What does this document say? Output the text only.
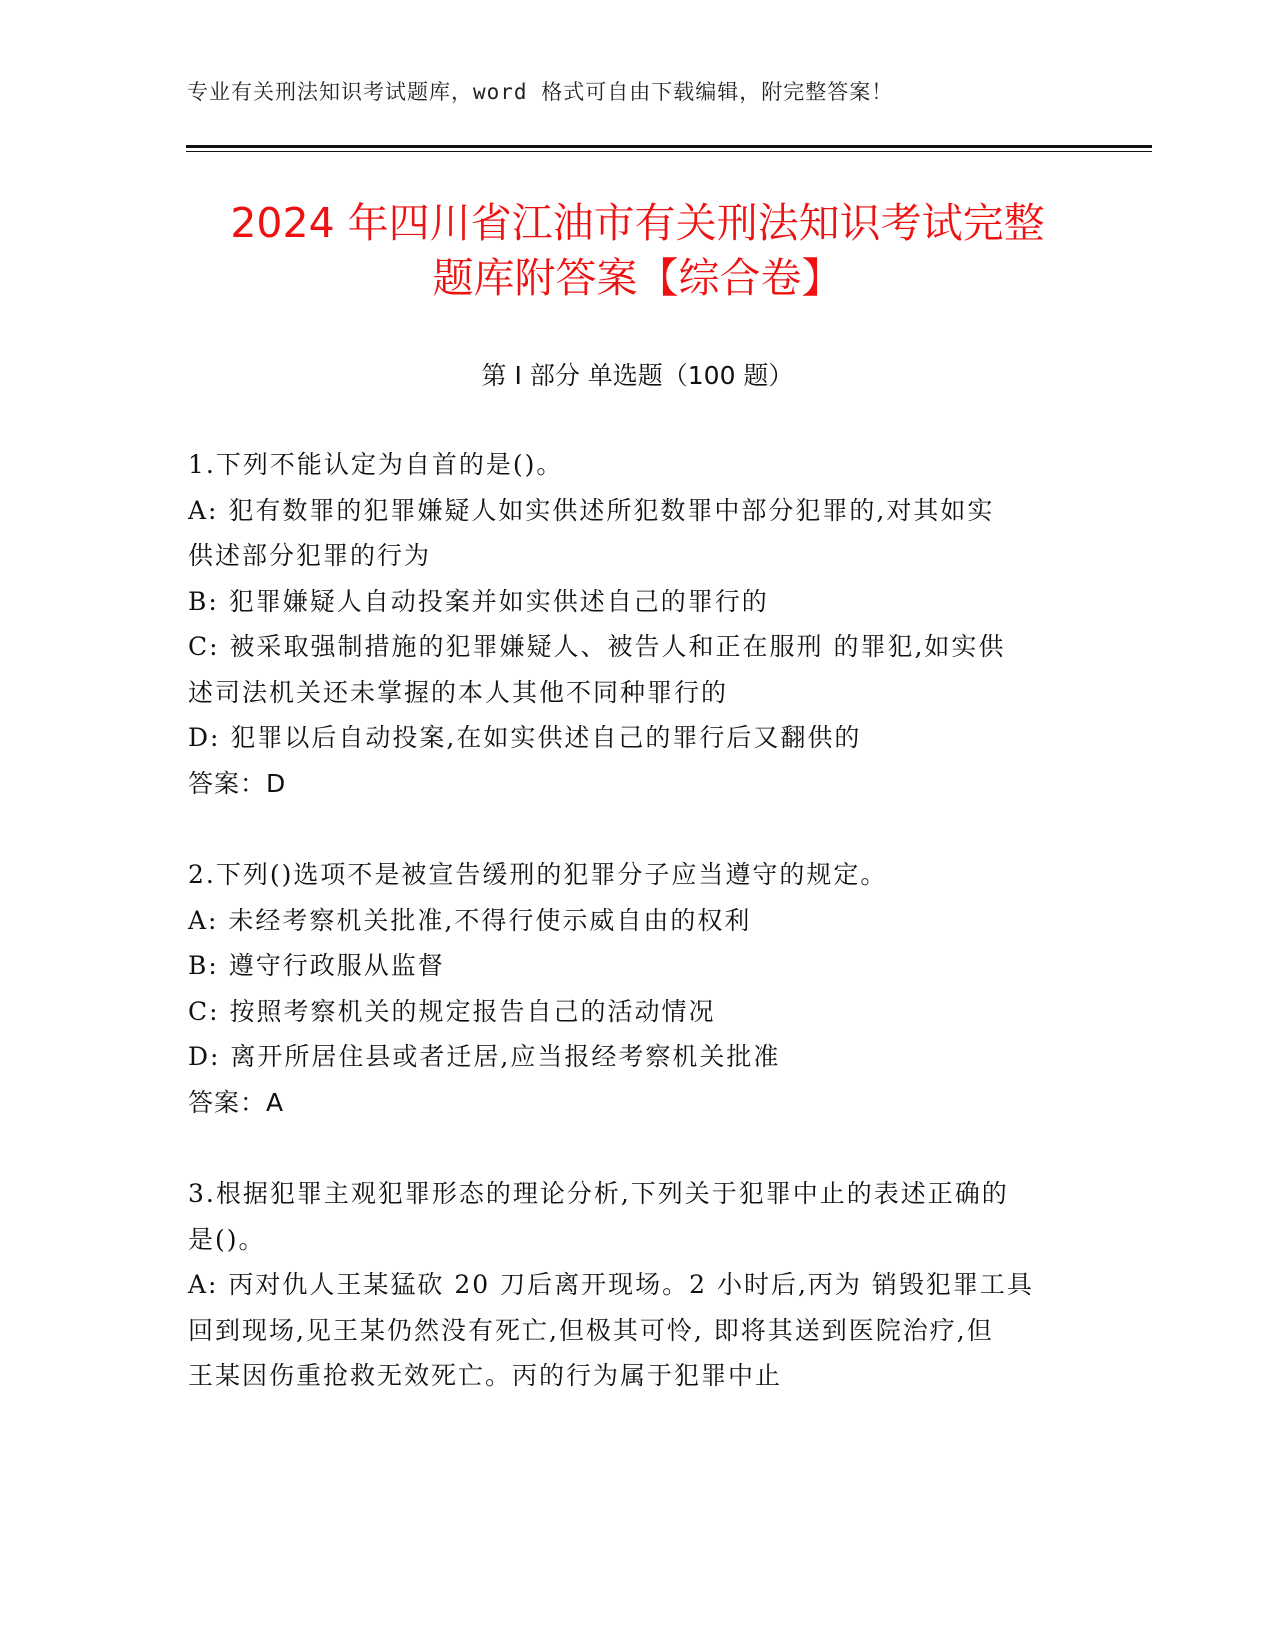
专业有关刑法知识考试题库，word 格式可自由下载编辑，附完整答案！
2024 年四川省江油市有关刑法知识考试完整
题库附答案【综合卷】
第 I 部分 单选题（100 题）
1.下列不能认定为自首的是()。
A: 犯有数罪的犯罪嫌疑人如实供述所犯数罪中部分犯罪的,对其如实
供述部分犯罪的行为
B: 犯罪嫌疑人自动投案并如实供述自己的罪行的
C: 被采取强制措施的犯罪嫌疑人、被告人和正在服刑 的罪犯,如实供
述司法机关还未掌握的本人其他不同种罪行的
D: 犯罪以后自动投案,在如实供述自己的罪行后又翻供的
答案：D
2.下列()选项不是被宣告缓刑的犯罪分子应当遵守的规定。
A: 未经考察机关批准,不得行使示威自由的权利
B: 遵守行政服从监督
C: 按照考察机关的规定报告自己的活动情况
D: 离开所居住县或者迁居,应当报经考察机关批准
答案：A
3.根据犯罪主观犯罪形态的理论分析,下列关于犯罪中止的表述正确的
是()。
A: 丙对仇人王某猛砍 20 刀后离开现场。2 小时后,丙为 销毁犯罪工具
回到现场,见王某仍然没有死亡,但极其可怜, 即将其送到医院治疗,但
王某因伤重抢救无效死亡。丙的行为属于犯罪中止
